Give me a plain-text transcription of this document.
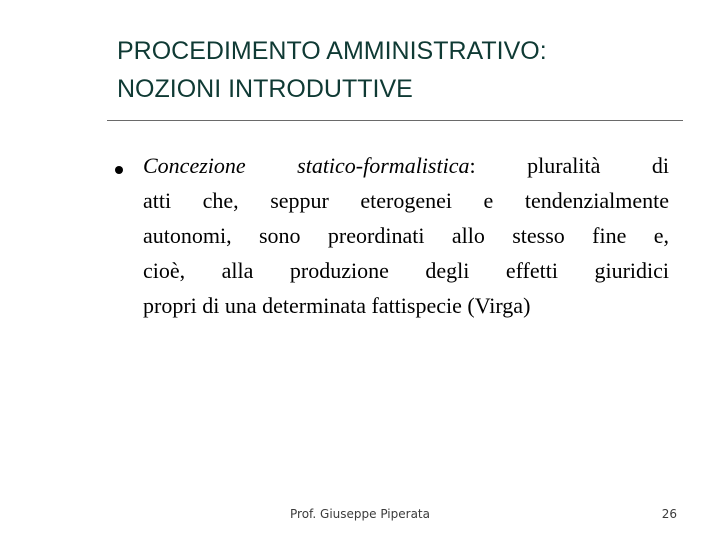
PROCEDIMENTO AMMINISTRATIVO:
NOZIONI INTRODUTTIVE
Concezione statico-formalistica: pluralità di
atti che, seppur eterogenei e tendenzialmente
autonomi, sono preordinati allo stesso fine e,
cioè, alla produzione degli effetti giuridici
propri di una determinata fattispecie (Virga)
Prof. Giuseppe Piperata	26
